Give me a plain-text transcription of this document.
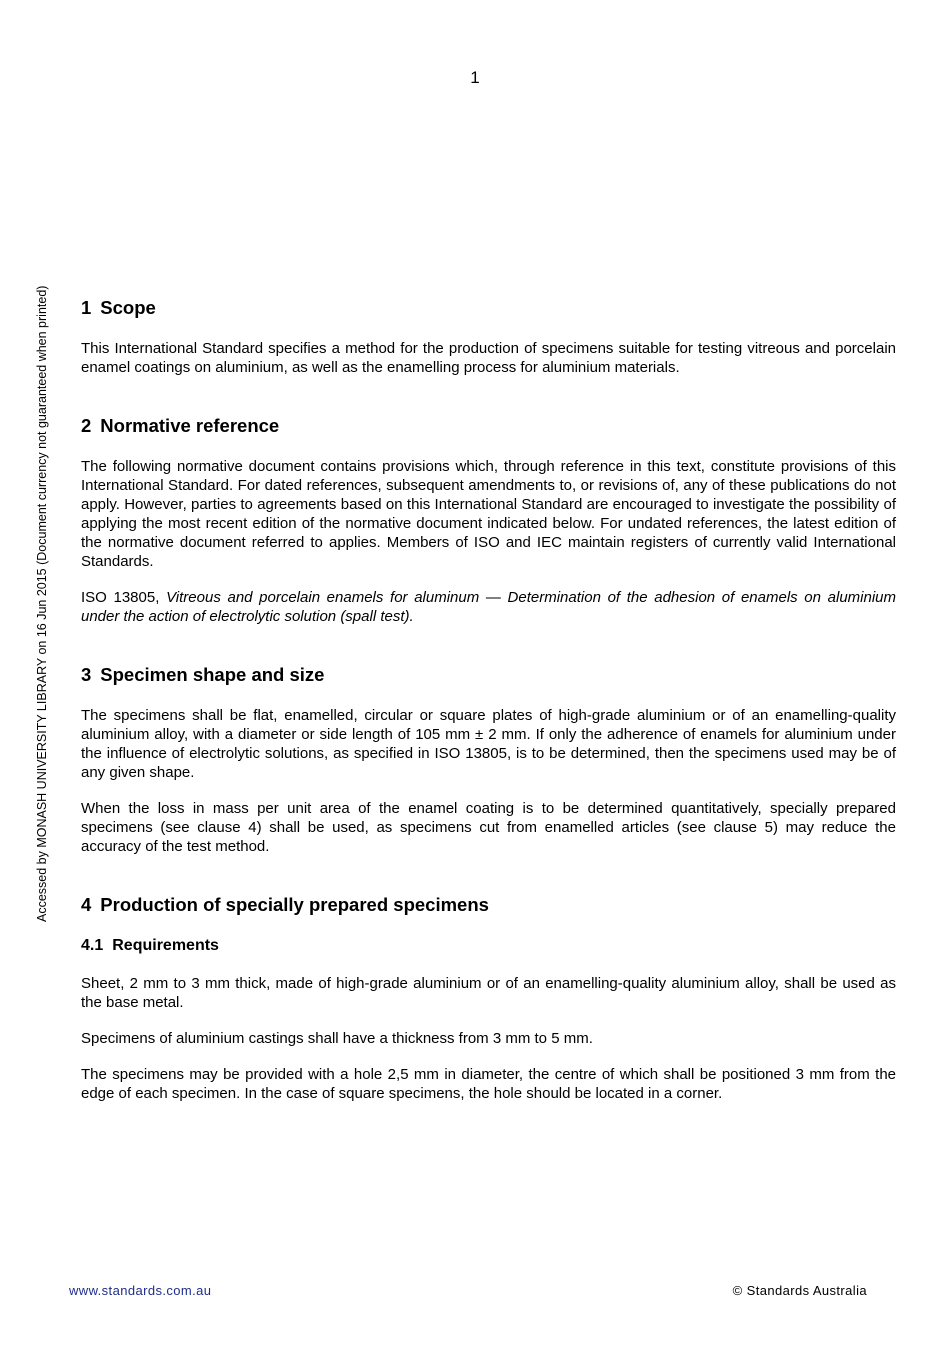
1
1 Scope

This International Standard specifies a method for the production of specimens suitable for testing vitreous and porcelain enamel coatings on aluminium, as well as the enamelling process for aluminium materials.

2 Normative reference

The following normative document contains provisions which, through reference in this text, constitute provisions of this International Standard. For dated references, subsequent amendments to, or revisions of, any of these publications do not apply. However, parties to agreements based on this International Standard are encouraged to investigate the possibility of applying the most recent edition of the normative document indicated below. For undated references, the latest edition of the normative document referred to applies. Members of ISO and IEC maintain registers of currently valid International Standards.

ISO 13805, Vitreous and porcelain enamels for aluminum — Determination of the adhesion of enamels on aluminium under the action of electrolytic solution (spall test).

3 Specimen shape and size

The specimens shall be flat, enamelled, circular or square plates of high-grade aluminium or of an enamelling-quality aluminium alloy, with a diameter or side length of 105 mm ± 2 mm. If only the adherence of enamels for aluminium under the influence of electrolytic solutions, as specified in ISO 13805, is to be determined, then the specimens used may be of any given shape.

When the loss in mass per unit area of the enamel coating is to be determined quantitatively, specially prepared specimens (see clause 4) shall be used, as specimens cut from enamelled articles (see clause 5) may reduce the accuracy of the test method.

4 Production of specially prepared specimens
4.1 Requirements

Sheet, 2 mm to 3 mm thick, made of high-grade aluminium or of an enamelling-quality aluminium alloy, shall be used as the base metal.

Specimens of aluminium castings shall have a thickness from 3 mm to 5 mm.

The specimens may be provided with a hole 2,5 mm in diameter, the centre of which shall be positioned 3 mm from the edge of each specimen. In the case of square specimens, the hole should be located in a corner.

Accessed by MONASH UNIVERSITY LIBRARY on 16 Jun 2015 (Document currency not guaranteed when printed)
www.standards.com.au	© Standards Australia
